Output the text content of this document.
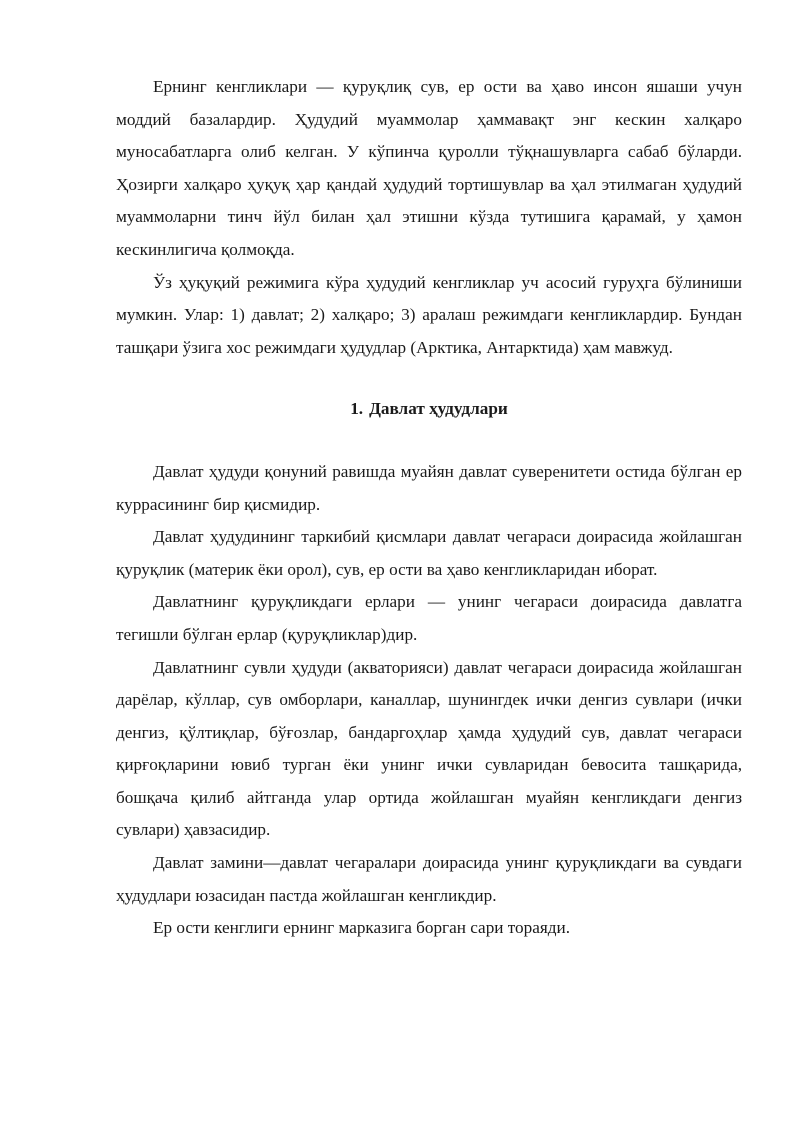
Ернинг кенгликлари — қуруқлиқ сув, ер ости ва ҳаво инсон яшаши учун моддий базалардир. Ҳудудий муаммолар ҳаммавақт энг кескин халқаро муносабатларга олиб келган. У кўпинча қуролли тўқнашувларга сабаб бўларди. Ҳозирги халқаро ҳуқуқ ҳар қандай ҳудудий тортишувлар ва ҳал этилмаган ҳудудий муаммоларни тинч йўл билан ҳал этишни кўзда тутишига қарамай, у ҳамон кескинлигича қолмоқда.

Ўз ҳуқуқий режимига кўра ҳудудий кенгликлар уч асосий гуруҳга бўлиниши мумкин. Улар: 1) давлат; 2) халқаро; 3) аралаш режимдаги кенгликлардир. Бундан ташқари ўзига хос режимдаги ҳудудлар (Арктика, Антарктида) ҳам мавжуд.

1. Давлат ҳудудлари

Давлат ҳудуди қонуний равишда муайян давлат суверенитети остида бўлган ер куррасининг бир қисмидир.

Давлат ҳудудининг таркибий қисмлари давлат чегараси доирасида жойлашган қуруқлик (материк ёки орол), сув, ер ости ва ҳаво кенгликларидан иборат.

Давлатнинг қуруқликдаги ерлари — унинг чегараси доирасида давлатга тегишли бўлган ерлар (қуруқликлар)дир.

Давлатнинг сувли ҳудуди (акваторияси) давлат чегараси доирасида жойлашган дарёлар, кўллар, сув омборлари, каналлар, шунингдек ички денгиз сувлари (ички денгиз, қўлтиқлар, бўғозлар, бандаргоҳлар ҳамда ҳудудий сув, давлат чегараси қирғоқларини ювиб турган ёки унинг ички сувларидан бевосита ташқарида, бошқача қилиб айтганда улар ортида жойлашган муайян кенгликдаги денгиз сувлари) ҳавзасидир.

Давлат замини—давлат чегаралари доирасида унинг қуруқликдаги ва сувдаги ҳудудлари юзасидан пастда жойлашган кенгликдир.

Ер ости кенглиги ернинг марказига борган сари тораяди.
